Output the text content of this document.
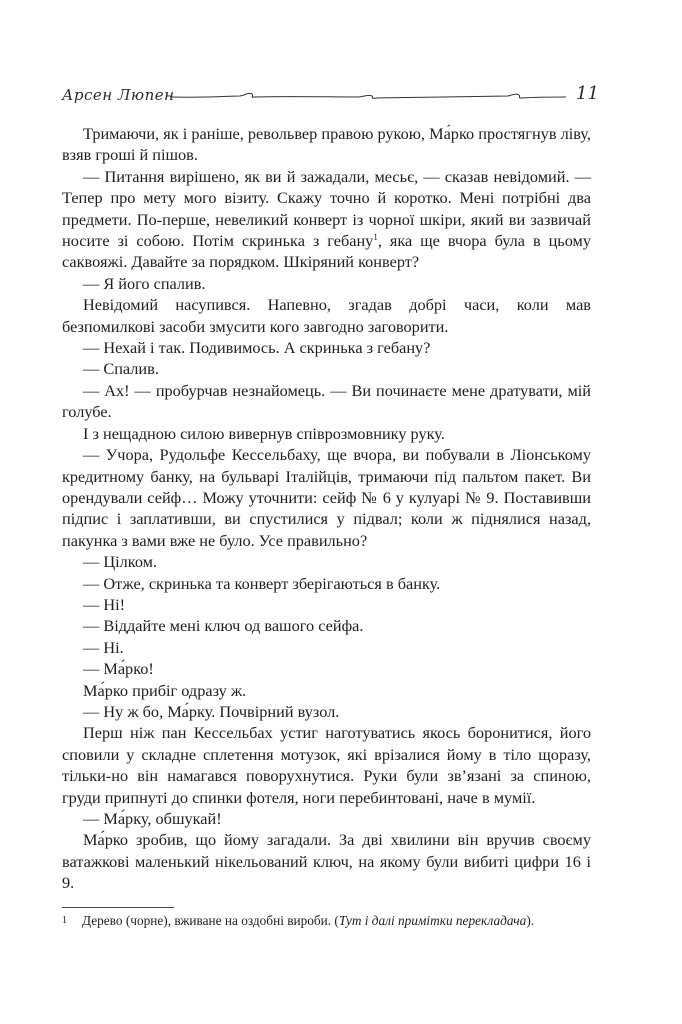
Арсен Люпен	11

Тримаючи, як і раніше, револьвер правою рукою, Ма́рко простягнув ліву, взяв гроші й пішов.

— Питання вирішено, як ви й зажадали, месьє, — сказав невідомий. — Тепер про мету мого візиту. Скажу точно й коротко. Мені потрібні два предмети. По-перше, невеликий конверт із чорної шкіри, який ви зазвичай носите зі собою. Потім скринька з гебану$^1$, яка ще вчора була в цьому саквояжі. Давайте за порядком. Шкіряний конверт?

— Я його спалив.

Невідомий насупився. Напевно, згадав добрі часи, коли мав безпомилкові засоби змусити кого завгодно заговорити.

— Нехай і так. Подивимось. А скринька з гебану?

— Спалив.

— Ах! — пробурчав незнайомець. — Ви починаєте мене дратувати, мій голубе.

І з нещадною силою вивернув співрозмовнику руку.

— Учора, Рудольфе Кессельбаху, ще вчора, ви побували в Ліонському кредитному банку, на бульварі Італійців, тримаючи під пальтом пакет. Ви орендували сейф… Можу уточнити: сейф № 6 у кулуарі № 9. Поставивши підпис і заплативши, ви спустилися у підвал; коли ж піднялися назад, пакунка з вами вже не було. Усе правильно?

— Цілком.

— Отже, скринька та конверт зберігаються в банку.

— Ні!

— Віддайте мені ключ од вашого сейфа.

— Ні.

— Ма́рко!

Ма́рко прибіг одразу ж.

— Ну ж бо, Ма́рку. Почвірний вузол.

Перш ніж пан Кессельбах устиг наготуватись якось боронитися, його сповили у складне сплетення мотузок, які врізалися йому в тіло щоразу, тільки-но він намагався поворухнутися. Руки були зв’язані за спиною, груди припнуті до спинки фотеля, ноги перебинтовані, наче в мумії.

— Ма́рку, обшукай!

Ма́рко зробив, що йому загадали. За дві хвилини він вручив своєму ватажкові маленький нікельований ключ, на якому були вибиті цифри 16 і 9.

1 Дерево (чорне), вживане на оздобні вироби. (Тут і далі примітки перекладача).
